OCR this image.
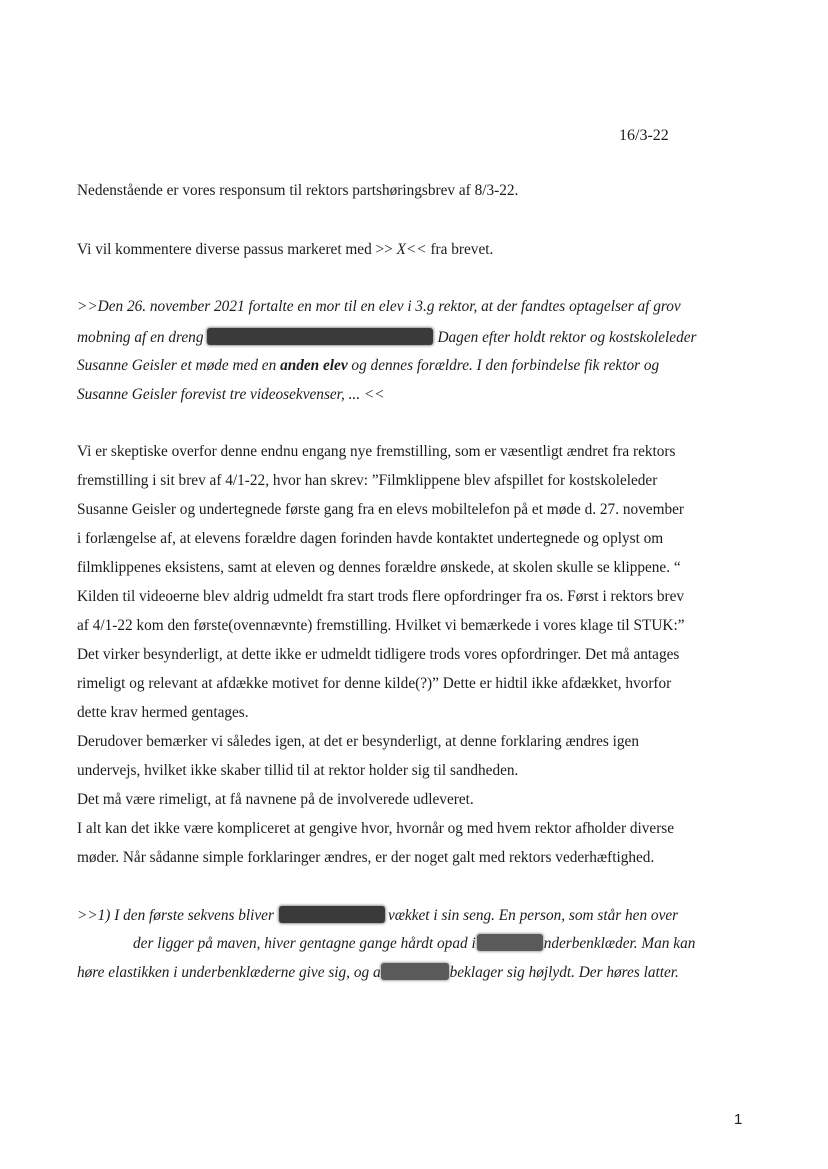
16/3-22
Nedenstående er vores responsum til rektors partshøringsbrev af 8/3-22.
Vi vil kommentere diverse passus markeret med >> X<< fra brevet.
>>Den 26. november 2021 fortalte en mor til en elev i 3.g rektor, at der fandtes optagelser af grov
mobning af en dreng	Dagen efter holdt rektor og kostskoleleder
Susanne Geisler et møde med en anden elev og dennes forældre. I den forbindelse fik rektor og
Susanne Geisler forevist tre videosekvenser, ... <<
Vi er skeptiske overfor denne endnu engang nye fremstilling, som er væsentligt ændret fra rektors
fremstilling i sit brev af 4/1-22, hvor han skrev: ”Filmklippene blev afspillet for kostskoleleder
Susanne Geisler og undertegnede første gang fra en elevs mobiltelefon på et møde d. 27. november
i forlængelse af, at elevens forældre dagen forinden havde kontaktet undertegnede og oplyst om
filmklippenes eksistens, samt at eleven og dennes forældre ønskede, at skolen skulle se klippene. “
Kilden til videoerne blev aldrig udmeldt fra start trods flere opfordringer fra os. Først i rektors brev
af 4/1-22 kom den første(ovennævnte) fremstilling. Hvilket vi bemærkede i vores klage til STUK:”
Det virker besynderligt, at dette ikke er udmeldt tidligere trods vores opfordringer. Det må antages
rimeligt og relevant at afdække motivet for denne kilde(?)” Dette er hidtil ikke afdækket, hvorfor
dette krav hermed gentages.
Derudover bemærker vi således igen, at det er besynderligt, at denne forklaring ændres igen
undervejs, hvilket ikke skaber tillid til at rektor holder sig til sandheden.
Det må være rimeligt, at få navnene på de involverede udleveret.
I alt kan det ikke være kompliceret at gengive hvor, hvornår og med hvem rektor afholder diverse
møder. Når sådanne simple forklaringer ændres, er der noget galt med rektors vederhæftighed.
>>1) I den første sekvens bliver	vækket i sin seng. En person, som står hen over
der ligger på maven, hiver gentagne gange hårdt opad i	nderbenklæder. Man kan
høre elastikken i underbenklæderne give sig, og a	beklager sig højlydt. Der høres latter.
1
